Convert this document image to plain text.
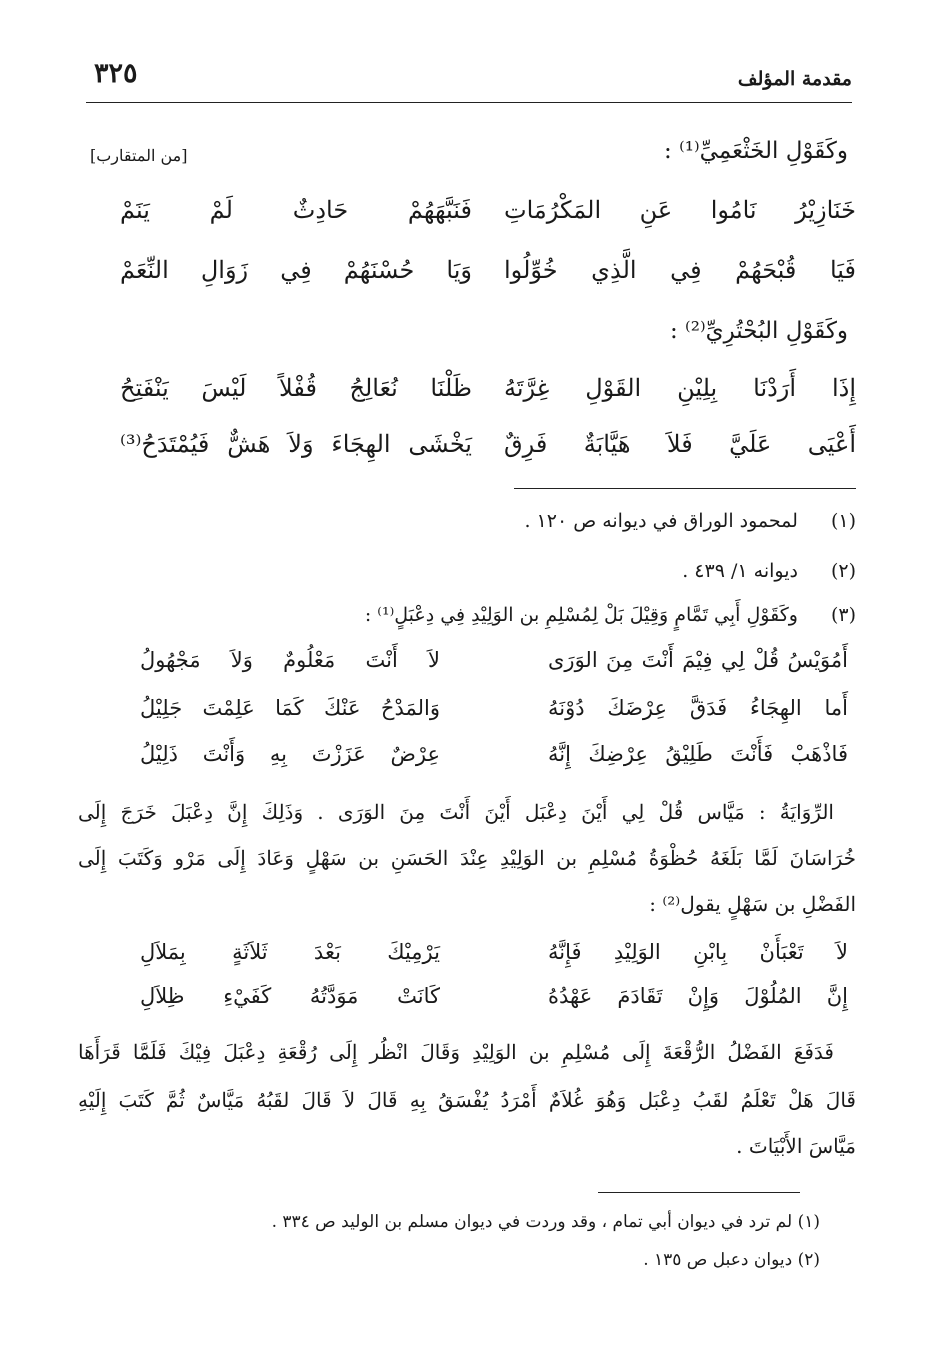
مقدمة المؤلف
٣٢٥
وكَقَوْلِ الخَثْعَمِيِّ⁽¹⁾ :
[من المتقارب]
خَنَازِيْرُ نَامُوا عَنِ المَكْرُمَاتِ
فَنَبَّهَهُمْ حَادِثٌ لَمْ يَنَمْ
فَيَا قُبْحَهُمْ فِي الَّذِي خُوِّلُوا
وَيَا حُسْنَهُمْ فِي زَوَالِ النِّعَمْ
وكَقَوْلِ البُحْتُرِيِّ⁽²⁾ :
إِذَا أَرَدْنَا بِلِيْنِ القَوْلِ غِرَّتَهُ
ظَلْنَا نُعَالِجُ قُفْلاً لَيْسَ يَنْفَتِحُ
أَعْيَى عَلَيَّ فَلاَ هَيَّابَةٌ فَرِقٌ
يَخْشَى الهِجَاءَ وَلاَ هَشٌّ فَيُمْتَدَحُ⁽³⁾
(١) لمحمود الوراق في ديوانه ص ١٢٠ .
(٢) ديوانه ١/ ٤٣٩ .
(٣) وكَقَوْلِ أَبِي تَمَّامٍ وَقِيْلَ بَلْ لِمُسْلِمِ بن الوَلِيْدِ فِي دِعْبَلٍ⁽¹⁾ :
أَمُوَيْسُ قُلْ لِي فِيْمَ أَنْتَ مِنَ الوَرَى
لاَ أَنْتَ مَعْلُومٌ وَلاَ مَجْهُولُ
أَما الهِجَاءُ فَدَقَّ عِرْضَكَ دُوْنَهُ
وَالمَدْحُ عَنْكَ كَمَا عَلِمْتَ جَلِيْلُ
فَاذْهَبْ فَأَنْتَ طَلِيْقُ عِرْضِكَ إِنَّهُ
عِرْضٌ عَزَزْتَ بِهِ وَأَنْتَ ذَلِيْلُ
الرِّوَايَةُ : مَيَّاس قُلْ لِي أَيْنَ دِعْبَل أَيْنَ أَنْتَ مِنَ الوَرَى . وَذَلِكَ إِنَّ دِعْبَلَ خَرَجَ إِلَى
خُرَاسَانَ لَمَّا بَلَغَهُ حُظْوَةُ مُسْلِمِ بن الوَلِيْدِ عِنْدَ الحَسَنِ بن سَهْلٍ وَعَادَ إِلَى مَرْو وَكَتَبَ إِلَى
الفَضْلِ بن سَهْلٍ يقول⁽²⁾ :
لاَ تَعْبَأَنْ بِابْنِ الوَلِيْدِ فَإِنَّهُ
يَرْمِيْكَ بَعْدَ ثَلاَثَةٍ بِمَلاَلِ
إِنَّ المُلُوْلَ وَإِنْ تَقَادَمَ عَهْدُهُ
كَانَتْ مَوَدَّتُهُ كَفَيْءِ ظِلاَلِ
فَدَفَعَ الفَضْلُ الرُّقْعَةَ إِلَى مُسْلِمِ بن الوَلِيْدِ وَقَالَ انْظُر إِلَى رُقْعَةِ دِعْبَلَ فِيْكَ فَلَمَّا قَرَأَهَا
قَالَ هَلْ تَعْلَمُ لقَبُ دِعْبَل وَهُوَ غُلاَمٌ أَمْرَدُ يُفْسَقُ بِهِ قَالَ لاَ قَالَ لقَبُهُ مَيَّاسٌ ثُمَّ كَتَبَ إِلَيْهِ
مَيَّاسَ الأَبْيَاتَ .
(١) لم ترد في ديوان أبي تمام ، وقد وردت في ديوان مسلم بن الوليد ص ٣٣٤ .
(٢) ديوان دعبل ص ١٣٥ .
